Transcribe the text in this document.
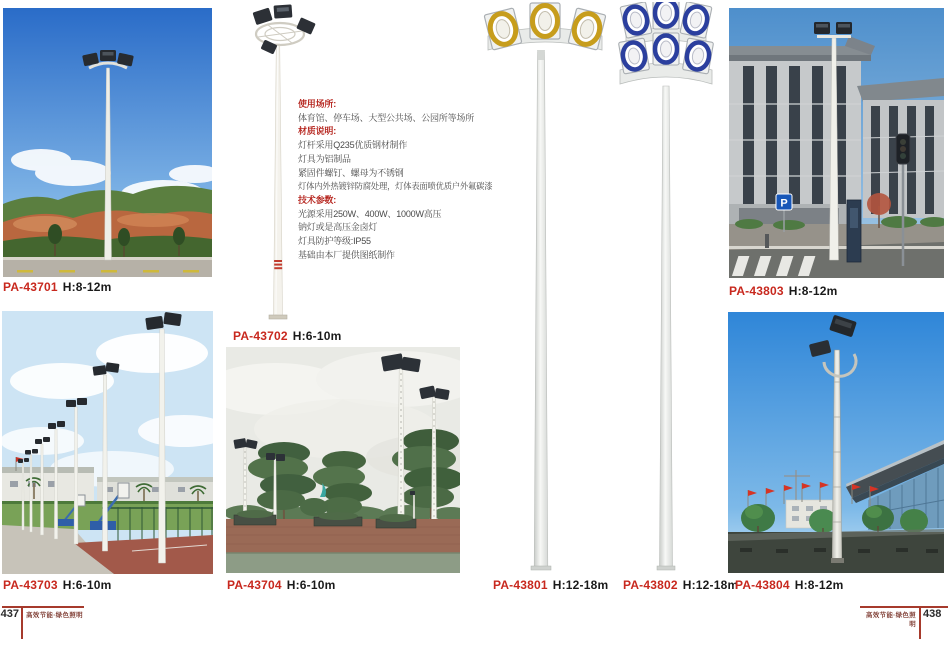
PA-43701 H:8-12m
PA-43702 H:6-10m
使用场所:
体育馆、停车场、大型公共场、公园所等场所
材质说明:
灯杆采用Q235优质钢材制作
灯具为铝制品
紧固件螺钉、螺母为不锈钢
灯体内外热镀锌防腐处理，灯体表面喷优质户外氟碳漆
技术参数:
光源采用250W、400W、1000W高压
钠灯或是高压金卤灯
灯具防护等级:IP55
基础由本厂提供图纸制作
PA-43801 H:12-18m PA-43802 H:12-18m
P
PA-43803 H:8-12m
PA-43703 H:6-10m	PA-43704 H:6-10m	PA-43804 H:8-12m
437 高效节能·绿色照明	高效节能·绿色照明
438
